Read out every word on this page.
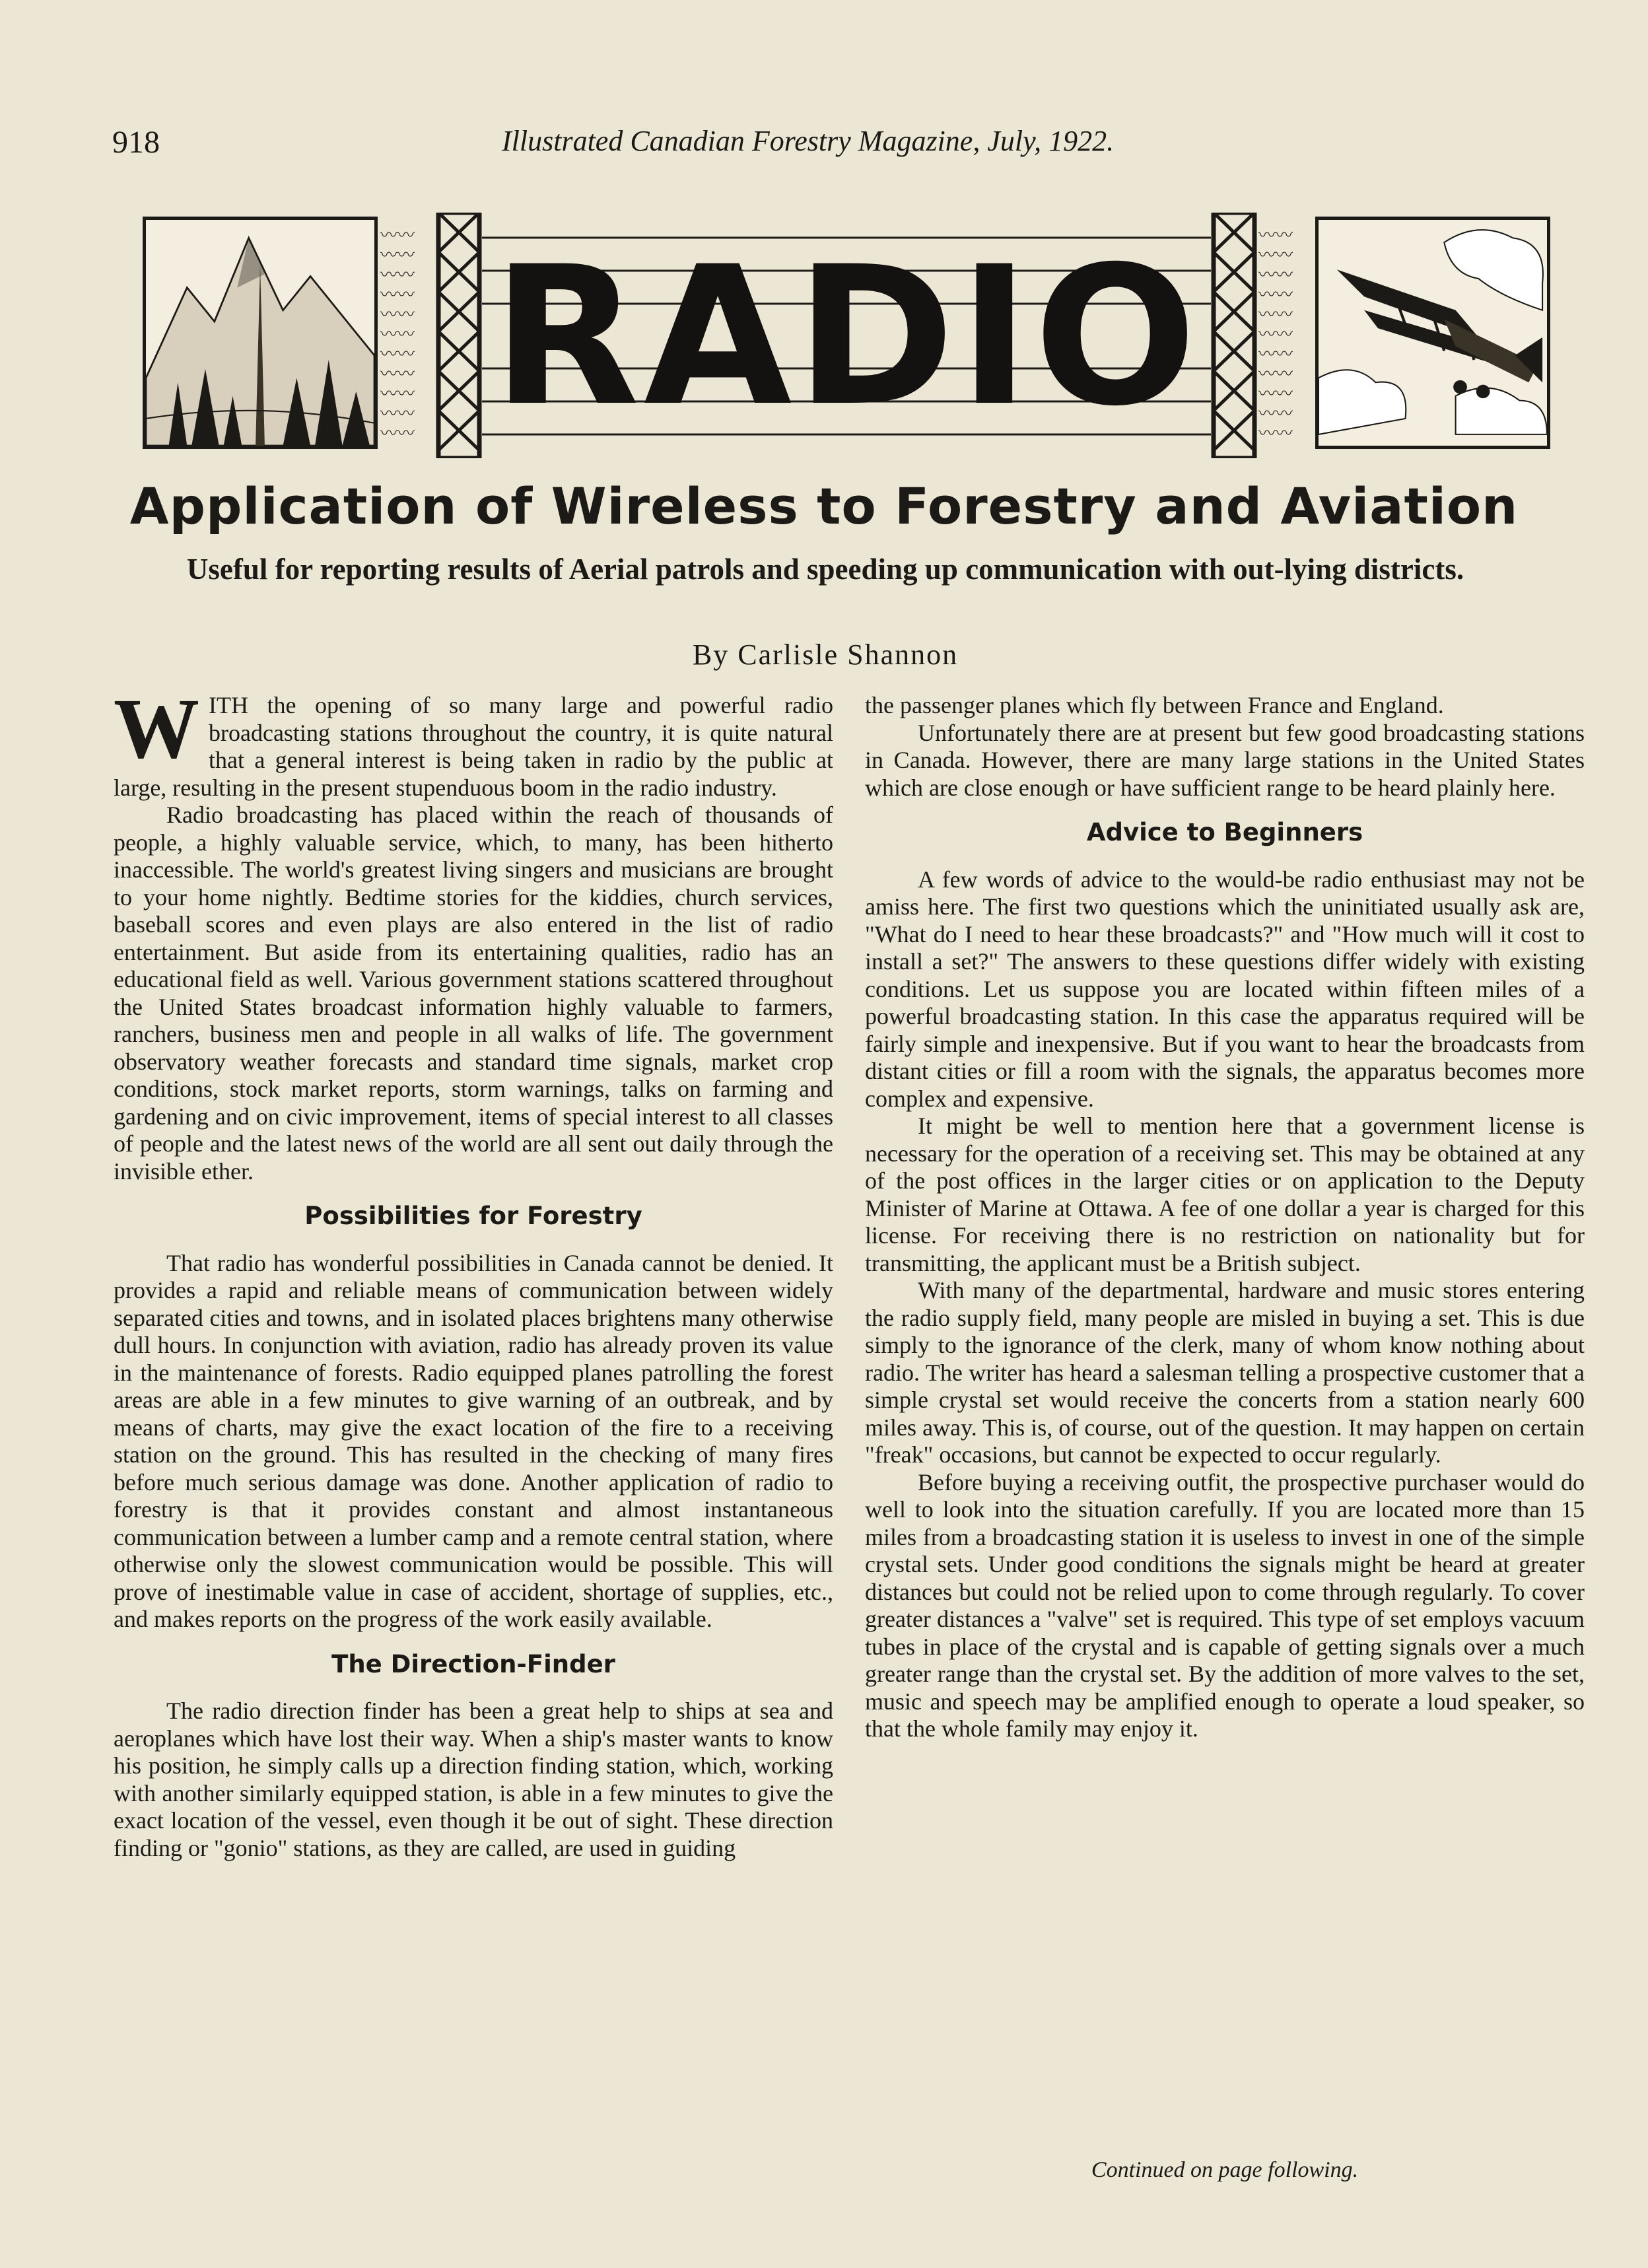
918	Illustrated Canadian Forestry Magazine, July, 1922.
〰〰
〰〰
〰〰
〰〰
〰〰
〰〰
〰〰
〰〰
〰〰
〰〰
〰〰 RADIO	〰〰
〰〰
〰〰
〰〰
〰〰
〰〰
〰〰
〰〰
〰〰
〰〰
〰〰
Application of Wireless to Forestry and Aviation
Useful for reporting results of Aerial patrols and speeding up communication with out-lying districts.
By Carlisle Shannon

WITH the opening of so many large and powerful radio broadcasting stations throughout the country, it is quite natural that a general interest is being taken in radio by the public at large, resulting in the present stupenduous boom in the radio industry.

Radio broadcasting has placed within the reach of thousands of people, a highly valuable service, which, to many, has been hitherto inaccessible. The world's greatest living singers and musicians are brought to your home nightly. Bedtime stories for the kiddies, church services, baseball scores and even plays are also entered in the list of radio entertainment. But aside from its entertaining qualities, radio has an educational field as well. Various government stations scattered throughout the United States broadcast information highly valuable to farmers, ranchers, business men and people in all walks of life. The government observatory weather forecasts and standard time signals, market crop conditions, stock market reports, storm warnings, talks on farming and gardening and on civic improvement, items of special interest to all classes of people and the latest news of the world are all sent out daily through the invisible ether.

Possibilities for Forestry

That radio has wonderful possibilities in Canada cannot be denied. It provides a rapid and reliable means of communication between widely separated cities and towns, and in isolated places brightens many otherwise dull hours. In conjunction with aviation, radio has already proven its value in the maintenance of forests. Radio equipped planes patrolling the forest areas are able in a few minutes to give warning of an outbreak, and by means of charts, may give the exact location of the fire to a receiving station on the ground. This has resulted in the checking of many fires before much serious damage was done. Another application of radio to forestry is that it provides constant and almost instantaneous communication between a lumber camp and a remote central station, where otherwise only the slowest communication would be possible. This will prove of inestimable value in case of accident, shortage of supplies, etc., and makes reports on the progress of the work easily available.

The Direction-Finder

The radio direction finder has been a great help to ships at sea and aeroplanes which have lost their way. When a ship's master wants to know his position, he simply calls up a direction finding station, which, working with another similarly equipped station, is able in a few minutes to give the exact location of the vessel, even though it be out of sight. These direction finding or "gonio" stations, as they are called, are used in guiding

the passenger planes which fly between France and England.

Unfortunately there are at present but few good broadcasting stations in Canada. However, there are many large stations in the United States which are close enough or have sufficient range to be heard plainly here.

Advice to Beginners

A few words of advice to the would-be radio enthusiast may not be amiss here. The first two questions which the uninitiated usually ask are, "What do I need to hear these broadcasts?" and "How much will it cost to install a set?" The answers to these questions differ widely with existing conditions. Let us suppose you are located within fifteen miles of a powerful broadcasting station. In this case the apparatus required will be fairly simple and inexpensive. But if you want to hear the broadcasts from distant cities or fill a room with the signals, the apparatus becomes more complex and expensive.

It might be well to mention here that a government license is necessary for the operation of a receiving set. This may be obtained at any of the post offices in the larger cities or on application to the Deputy Minister of Marine at Ottawa. A fee of one dollar a year is charged for this license. For receiving there is no restriction on nationality but for transmitting, the applicant must be a British subject.

With many of the departmental, hardware and music stores entering the radio supply field, many people are misled in buying a set. This is due simply to the ignorance of the clerk, many of whom know nothing about radio. The writer has heard a salesman telling a prospective customer that a simple crystal set would receive the concerts from a station nearly 600 miles away. This is, of course, out of the question. It may happen on certain "freak" occasions, but cannot be expected to occur regularly.

Before buying a receiving outfit, the prospective purchaser would do well to look into the situation carefully. If you are located more than 15 miles from a broadcasting station it is useless to invest in one of the simple crystal sets. Under good conditions the signals might be heard at greater distances but could not be relied upon to come through regularly. To cover greater distances a "valve" set is required. This type of set employs vacuum tubes in place of the crystal and is capable of getting signals over a much greater range than the crystal set. By the addition of more valves to the set, music and speech may be amplified enough to operate a loud speaker, so that the whole family may enjoy it.

Continued on page following.
